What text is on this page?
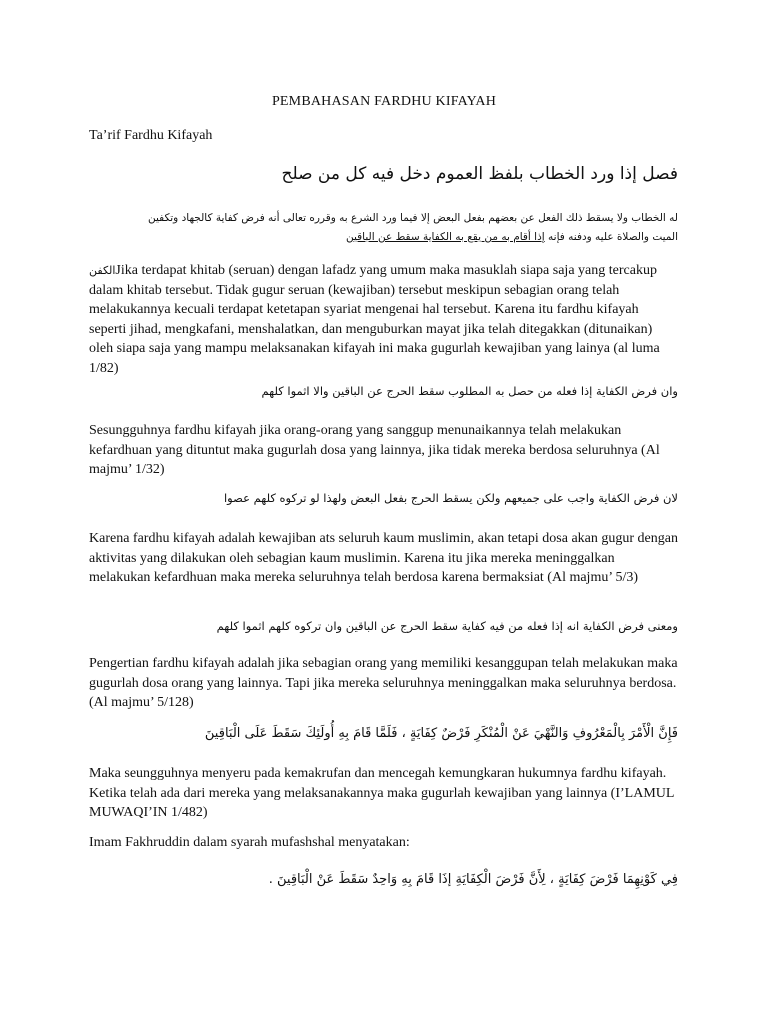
PEMBAHASAN FARDHU KIFAYAH
Ta’rif Fardhu Kifayah
فصل إذا ورد الخطاب بلفظ العموم دخل فيه كل من صلح
له الخطاب ولا يسقط ذلك الفعل عن بعضهم بفعل البعض إلا فيما ورد الشرع به وقرره تعالى أنه فرض كفاية كالجهاد وتكفين
الميت والصلاة عليه ودفنه فإنه إذا أقام به من يقع به الكفاية سقط عن الباقين

الكفنJika terdapat khitab (seruan) dengan lafadz yang umum maka masuklah siapa saja yang tercakup dalam khitab tersebut. Tidak gugur seruan (kewajiban) tersebut meskipun sebagian orang telah melakukannya kecuali terdapat ketetapan syariat mengenai hal tersebut. Karena itu fardhu kifayah seperti jihad, mengkafani, menshalatkan, dan menguburkan mayat jika telah ditegakkan (ditunaikan) oleh siapa saja yang mampu melaksanakan kifayah ini maka gugurlah kewajiban yang lainya (al luma 1/82)

وان فرض الكفاية إذا فعله من حصل به المطلوب سقط الحرج عن الباقين والا اثموا كلهم

Sesungguhnya fardhu kifayah jika orang-orang yang sanggup menunaikannya telah melakukan kefardhuan yang dituntut maka gugurlah dosa yang lainnya, jika tidak mereka berdosa seluruhnya (Al majmu’ 1/32)

لان فرض الكفاية واجب على جميعهم ولكن يسقط الحرج بفعل البعض ولهذا لو تركوه كلهم عصوا

Karena fardhu kifayah adalah kewajiban ats seluruh kaum muslimin, akan tetapi dosa akan gugur dengan aktivitas yang dilakukan oleh sebagian kaum muslimin. Karena itu jika mereka meninggalkan melakukan kefardhuan maka mereka seluruhnya telah berdosa karena bermaksiat (Al majmu’ 5/3)

ومعنى فرض الكفاية انه إذا فعله من فيه كفاية سقط الحرج عن الباقين وان تركوه كلهم اثموا كلهم

Pengertian fardhu kifayah adalah jika sebagian orang yang memiliki kesanggupan telah melakukan maka gugurlah dosa orang yang lainnya. Tapi jika mereka seluruhnya meninggalkan maka seluruhnya berdosa. (Al majmu’ 5/128)

فَإِنَّ الْأَمْرَ بِالْمَعْرُوفِ وَالنَّهْيَ عَنْ الْمُنْكَرِ فَرْضٌ كِفَايَةٍ ، فَلَمَّا قَامَ بِهِ أُولَئِكَ سَقَطَ عَلَى الْبَاقِينَ

Maka seungguhnya menyeru pada kemakrufan dan mencegah kemungkaran hukumnya fardhu kifayah. Ketika telah ada dari mereka yang melaksanakannya maka gugurlah kewajiban yang lainnya (I’LAMUL MUWAQI’IN 1/482)

Imam Fakhruddin dalam syarah mufashshal menyatakan:

فِي كَوْنِهِمَا فَرْضَ كِفَايَةٍ ، لِأَنَّ فَرْضَ الْكِفَايَةِ إذَا قَامَ بِهِ وَاحِدٌ سَقَطَ عَنْ الْبَاقِينَ .
